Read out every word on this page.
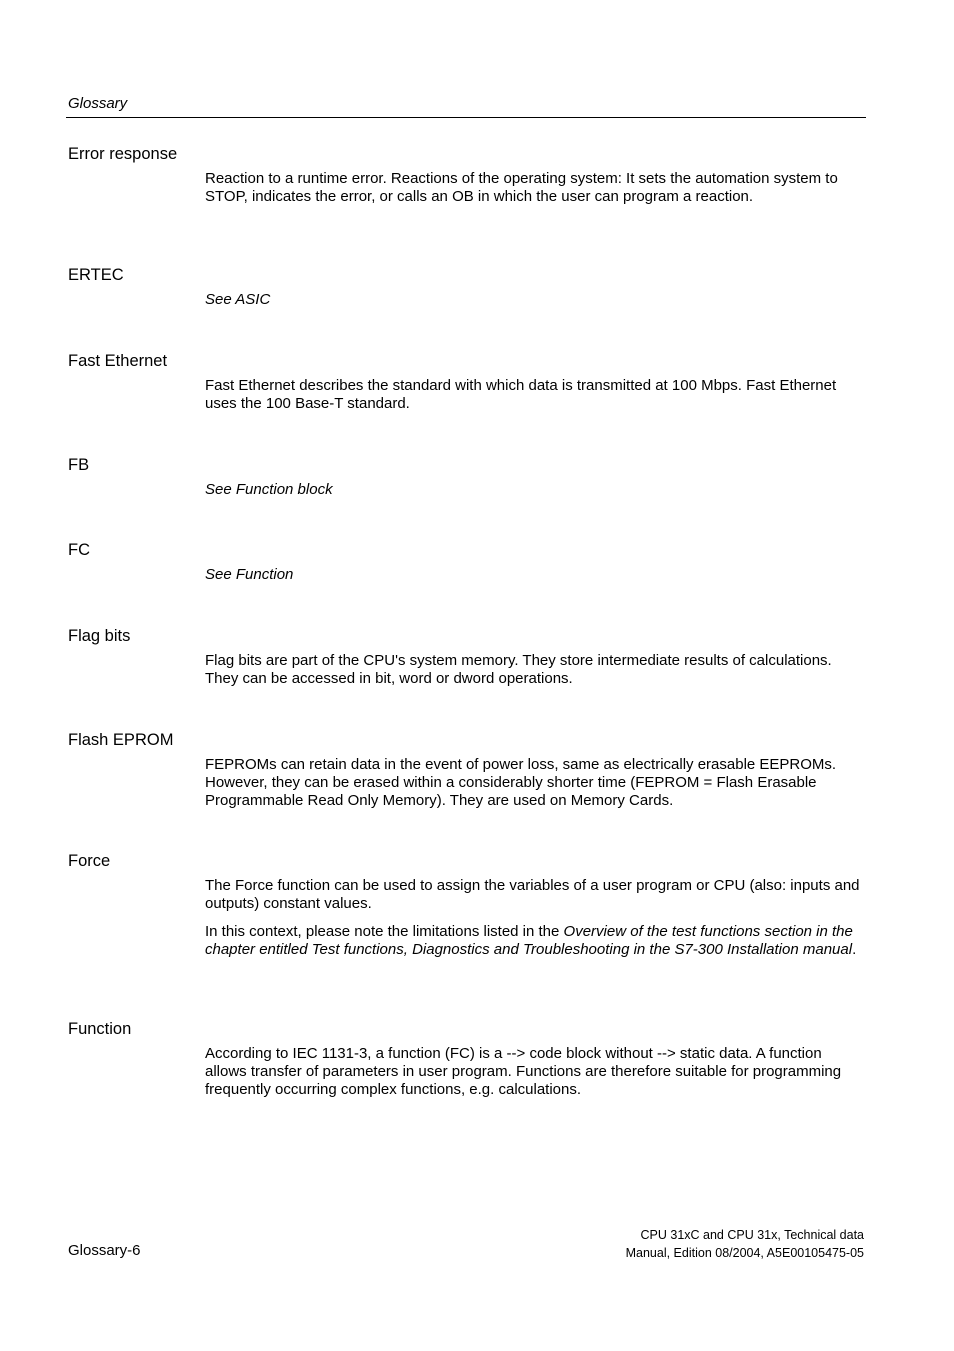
Glossary
Error response

Reaction to a runtime error. Reactions of the operating system: It sets the automation system to STOP, indicates the error, or calls an OB in which the user can program a reaction.

ERTEC

See ASIC

Fast Ethernet

Fast Ethernet describes the standard with which data is transmitted at 100 Mbps. Fast Ethernet uses the 100 Base-T standard.

FB

See Function block

FC

See Function

Flag bits

Flag bits are part of the CPU's system memory. They store intermediate results of calculations. They can be accessed in bit, word or dword operations.

Flash EPROM

FEPROMs can retain data in the event of power loss, same as electrically erasable EEPROMs. However, they can be erased within a considerably shorter time (FEPROM = Flash Erasable Programmable Read Only Memory). They are used on Memory Cards.

Force

The Force function can be used to assign the variables of a user program or CPU (also: inputs and outputs) constant values.

In this context, please note the limitations listed in the Overview of the test functions section in the chapter entitled Test functions, Diagnostics and Troubleshooting in the S7-300 Installation manual.

Function

According to IEC 1131-3, a function (FC) is a --> code block without --> static data. A function allows transfer of parameters in user program. Functions are therefore suitable for programming frequently occurring complex functions, e.g. calculations.

Glossary-6
CPU 31xC and CPU 31x, Technical data
Manual, Edition 08/2004, A5E00105475-05
